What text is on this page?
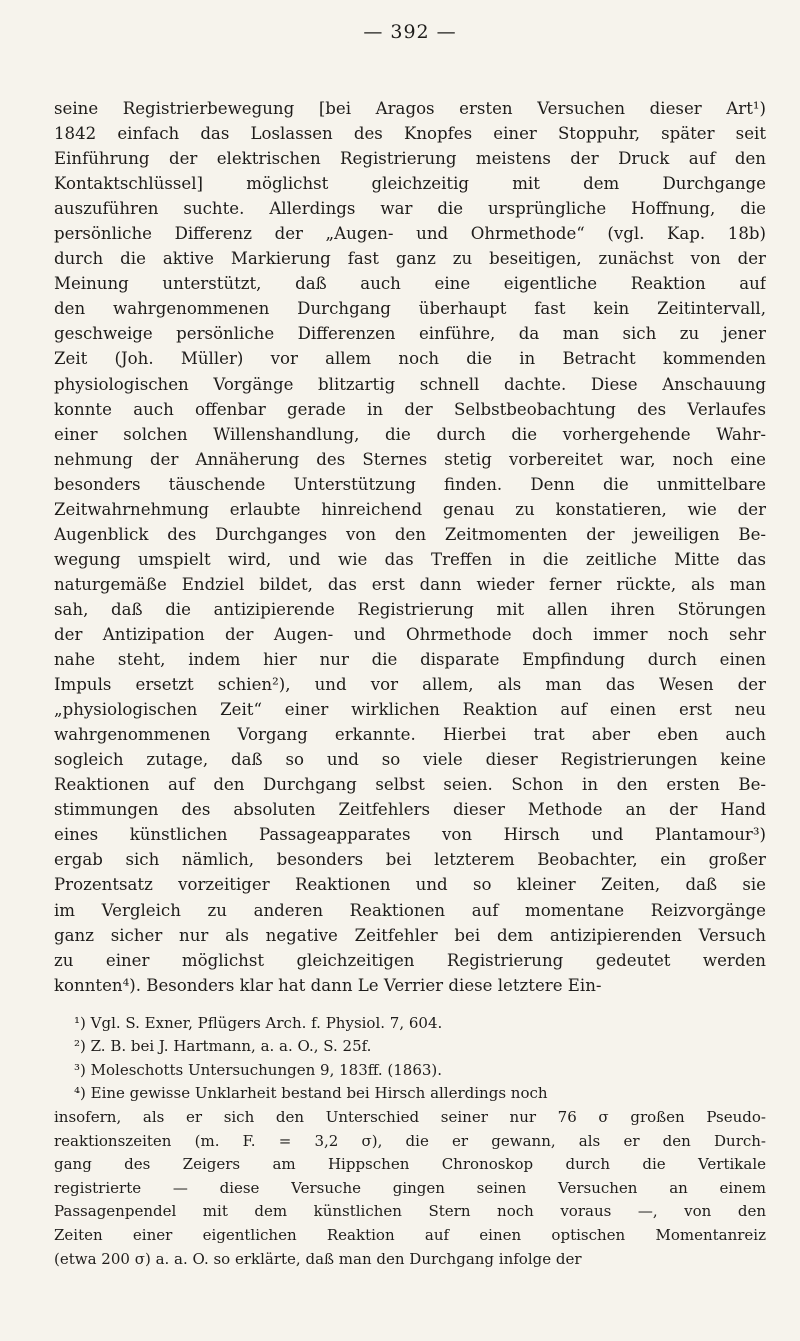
— 392 —
seine Registrierbewegung [bei Aragos ersten Versuchen dieser Art¹)
1842 einfach das Loslassen des Knopfes einer Stoppuhr, später seit
Einführung der elektrischen Registrierung meistens der Druck auf den
Kontaktschlüssel] möglichst gleichzeitig mit dem Durchgange
auszuführen suchte. Allerdings war die ursprüngliche Hoffnung, die
persönliche Differenz der „Augen- und Ohrmethode“ (vgl. Kap. 18b)
durch die aktive Markierung fast ganz zu beseitigen, zunächst von der
Meinung unterstützt, daß auch eine eigentliche Reaktion auf
den wahrgenommenen Durchgang überhaupt fast kein Zeitintervall,
geschweige persönliche Differenzen einführe, da man sich zu jener
Zeit (Joh. Müller) vor allem noch die in Betracht kommenden
physiologischen Vorgänge blitzartig schnell dachte. Diese Anschauung
konnte auch offenbar gerade in der Selbstbeobachtung des Verlaufes
einer solchen Willenshandlung, die durch die vorhergehende Wahr-
nehmung der Annäherung des Sternes stetig vorbereitet war, noch eine
besonders täuschende Unterstützung finden. Denn die unmittelbare
Zeitwahrnehmung erlaubte hinreichend genau zu konstatieren, wie der
Augenblick des Durchganges von den Zeitmomenten der jeweiligen Be-
wegung umspielt wird, und wie das Treffen in die zeitliche Mitte das
naturgemäße Endziel bildet, das erst dann wieder ferner rückte, als man
sah, daß die antizipierende Registrierung mit allen ihren Störungen
der Antizipation der Augen- und Ohrmethode doch immer noch sehr
nahe steht, indem hier nur die disparate Empfindung durch einen
Impuls ersetzt schien²), und vor allem, als man das Wesen der
„physiologischen Zeit“ einer wirklichen Reaktion auf einen erst neu
wahrgenommenen Vorgang erkannte. Hierbei trat aber eben auch
sogleich zutage, daß so und so viele dieser Registrierungen keine
Reaktionen auf den Durchgang selbst seien. Schon in den ersten Be-
stimmungen des absoluten Zeitfehlers dieser Methode an der Hand
eines künstlichen Passageapparates von Hirsch und Plantamour³)
ergab sich nämlich, besonders bei letzterem Beobachter, ein großer
Prozentsatz vorzeitiger Reaktionen und so kleiner Zeiten, daß sie
im Vergleich zu anderen Reaktionen auf momentane Reizvorgänge
ganz sicher nur als negative Zeitfehler bei dem antizipierenden Versuch
zu einer möglichst gleichzeitigen Registrierung gedeutet werden
konnten⁴). Besonders klar hat dann Le Verrier diese letztere Ein-
¹) Vgl. S. Exner, Pflügers Arch. f. Physiol. 7, 604.
²) Z. B. bei J. Hartmann, a. a. O., S. 25f.
³) Moleschotts Untersuchungen 9, 183ff. (1863).
⁴) Eine gewisse Unklarheit bestand bei Hirsch allerdings noch
insofern, als er sich den Unterschied seiner nur 76 σ großen Pseudo-
reaktionszeiten (m. F. = 3,2 σ), die er gewann, als er den Durch-
gang des Zeigers am Hippschen Chronoskop durch die Vertikale
registrierte — diese Versuche gingen seinen Versuchen an einem
Passagenpendel mit dem künstlichen Stern noch voraus —, von den
Zeiten einer eigentlichen Reaktion auf einen optischen Momentanreiz
(etwa 200 σ) a. a. O. so erklärte, daß man den Durchgang infolge der
